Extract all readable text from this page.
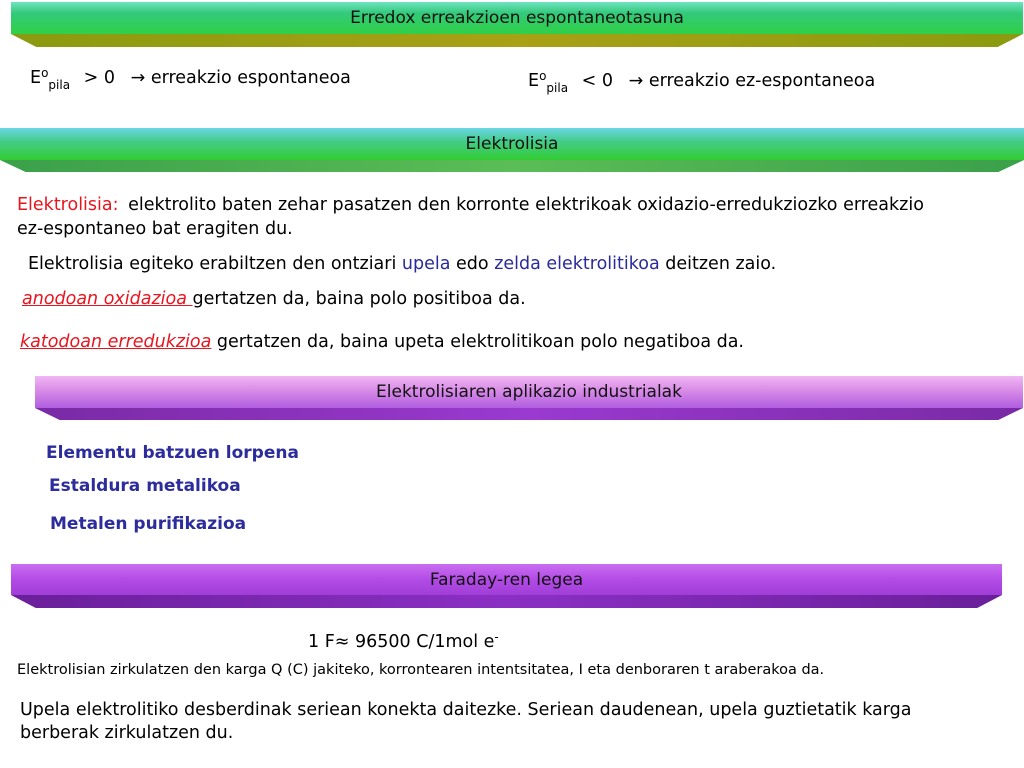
Erredox erreakzioen espontaneotasuna
$E^o_{pila} > 0$ → erreakzio espontaneoa	$E^o_{pila} < 0$ → erreakzio ez-espontaneoa
Elektrolisia
Elektrolisia: elektrolito baten zehar pasatzen den korronte elektrikoak oxidazio-erredukziozko erreakzio
ez-espontaneo bat eragiten du.
Elektrolisia egiteko erabiltzen den ontziari upela edo zelda elektrolitikoa deitzen zaio.
anodoan oxidazioa gertatzen da, baina polo positiboa da.
katodoan erredukzioa gertatzen da, baina upeta elektrolitikoan polo negatiboa da.
Elektrolisiaren aplikazio industrialak
Elementu batzuen lorpena
Estaldura metalikoa
Metalen purifikazioa
Faraday-ren legea
1 F≈ 96500 C/1mol e-
Elektrolisian zirkulatzen den karga Q (C) jakiteko, korrontearen intentsitatea, I eta denboraren t araberakoa da.
Upela elektrolitiko desberdinak seriean konekta daitezke. Seriean daudenean, upela guztietatik karga
berberak zirkulatzen du.
